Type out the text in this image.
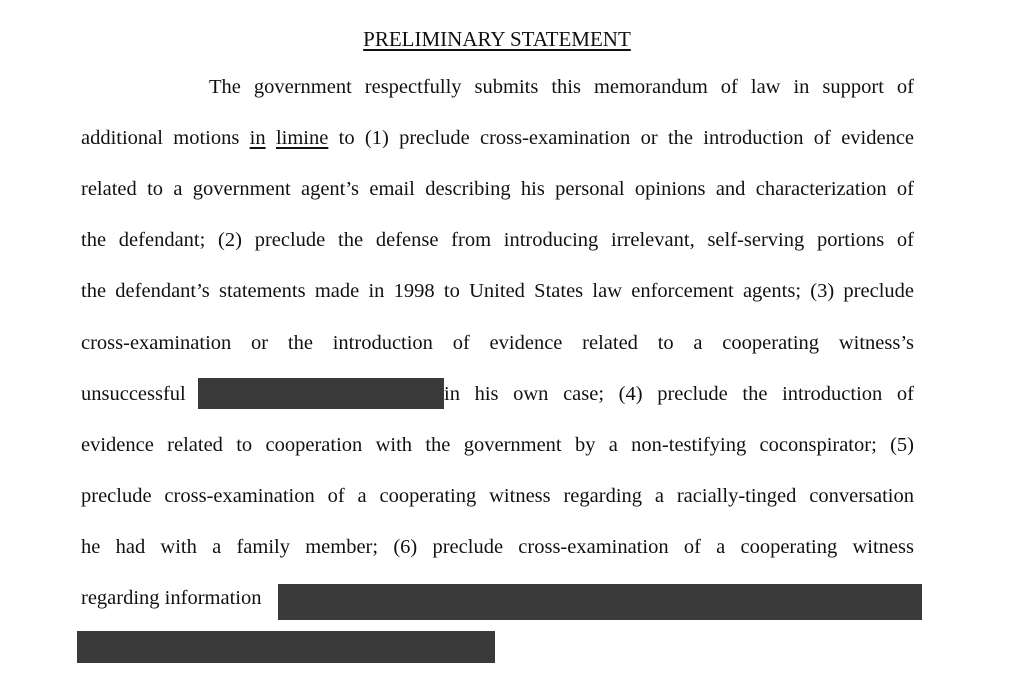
PRELIMINARY STATEMENT
The government respectfully submits this memorandum of law in support of
additional motions in limine to (1) preclude cross-examination or the introduction of evidence
related to a government agent’s email describing his personal opinions and characterization of
the defendant; (2) preclude the defense from introducing irrelevant, self-serving portions of
the defendant’s statements made in 1998 to United States law enforcement agents; (3) preclude
cross-examination or the introduction of evidence related to a cooperating witness’s
unsuccessful	in his own case; (4) preclude the introduction of
evidence related to cooperation with the government by a non-testifying coconspirator; (5)
preclude cross-examination of a cooperating witness regarding a racially-tinged conversation
he had with a family member; (6) preclude cross-examination of a cooperating witness
regarding information
